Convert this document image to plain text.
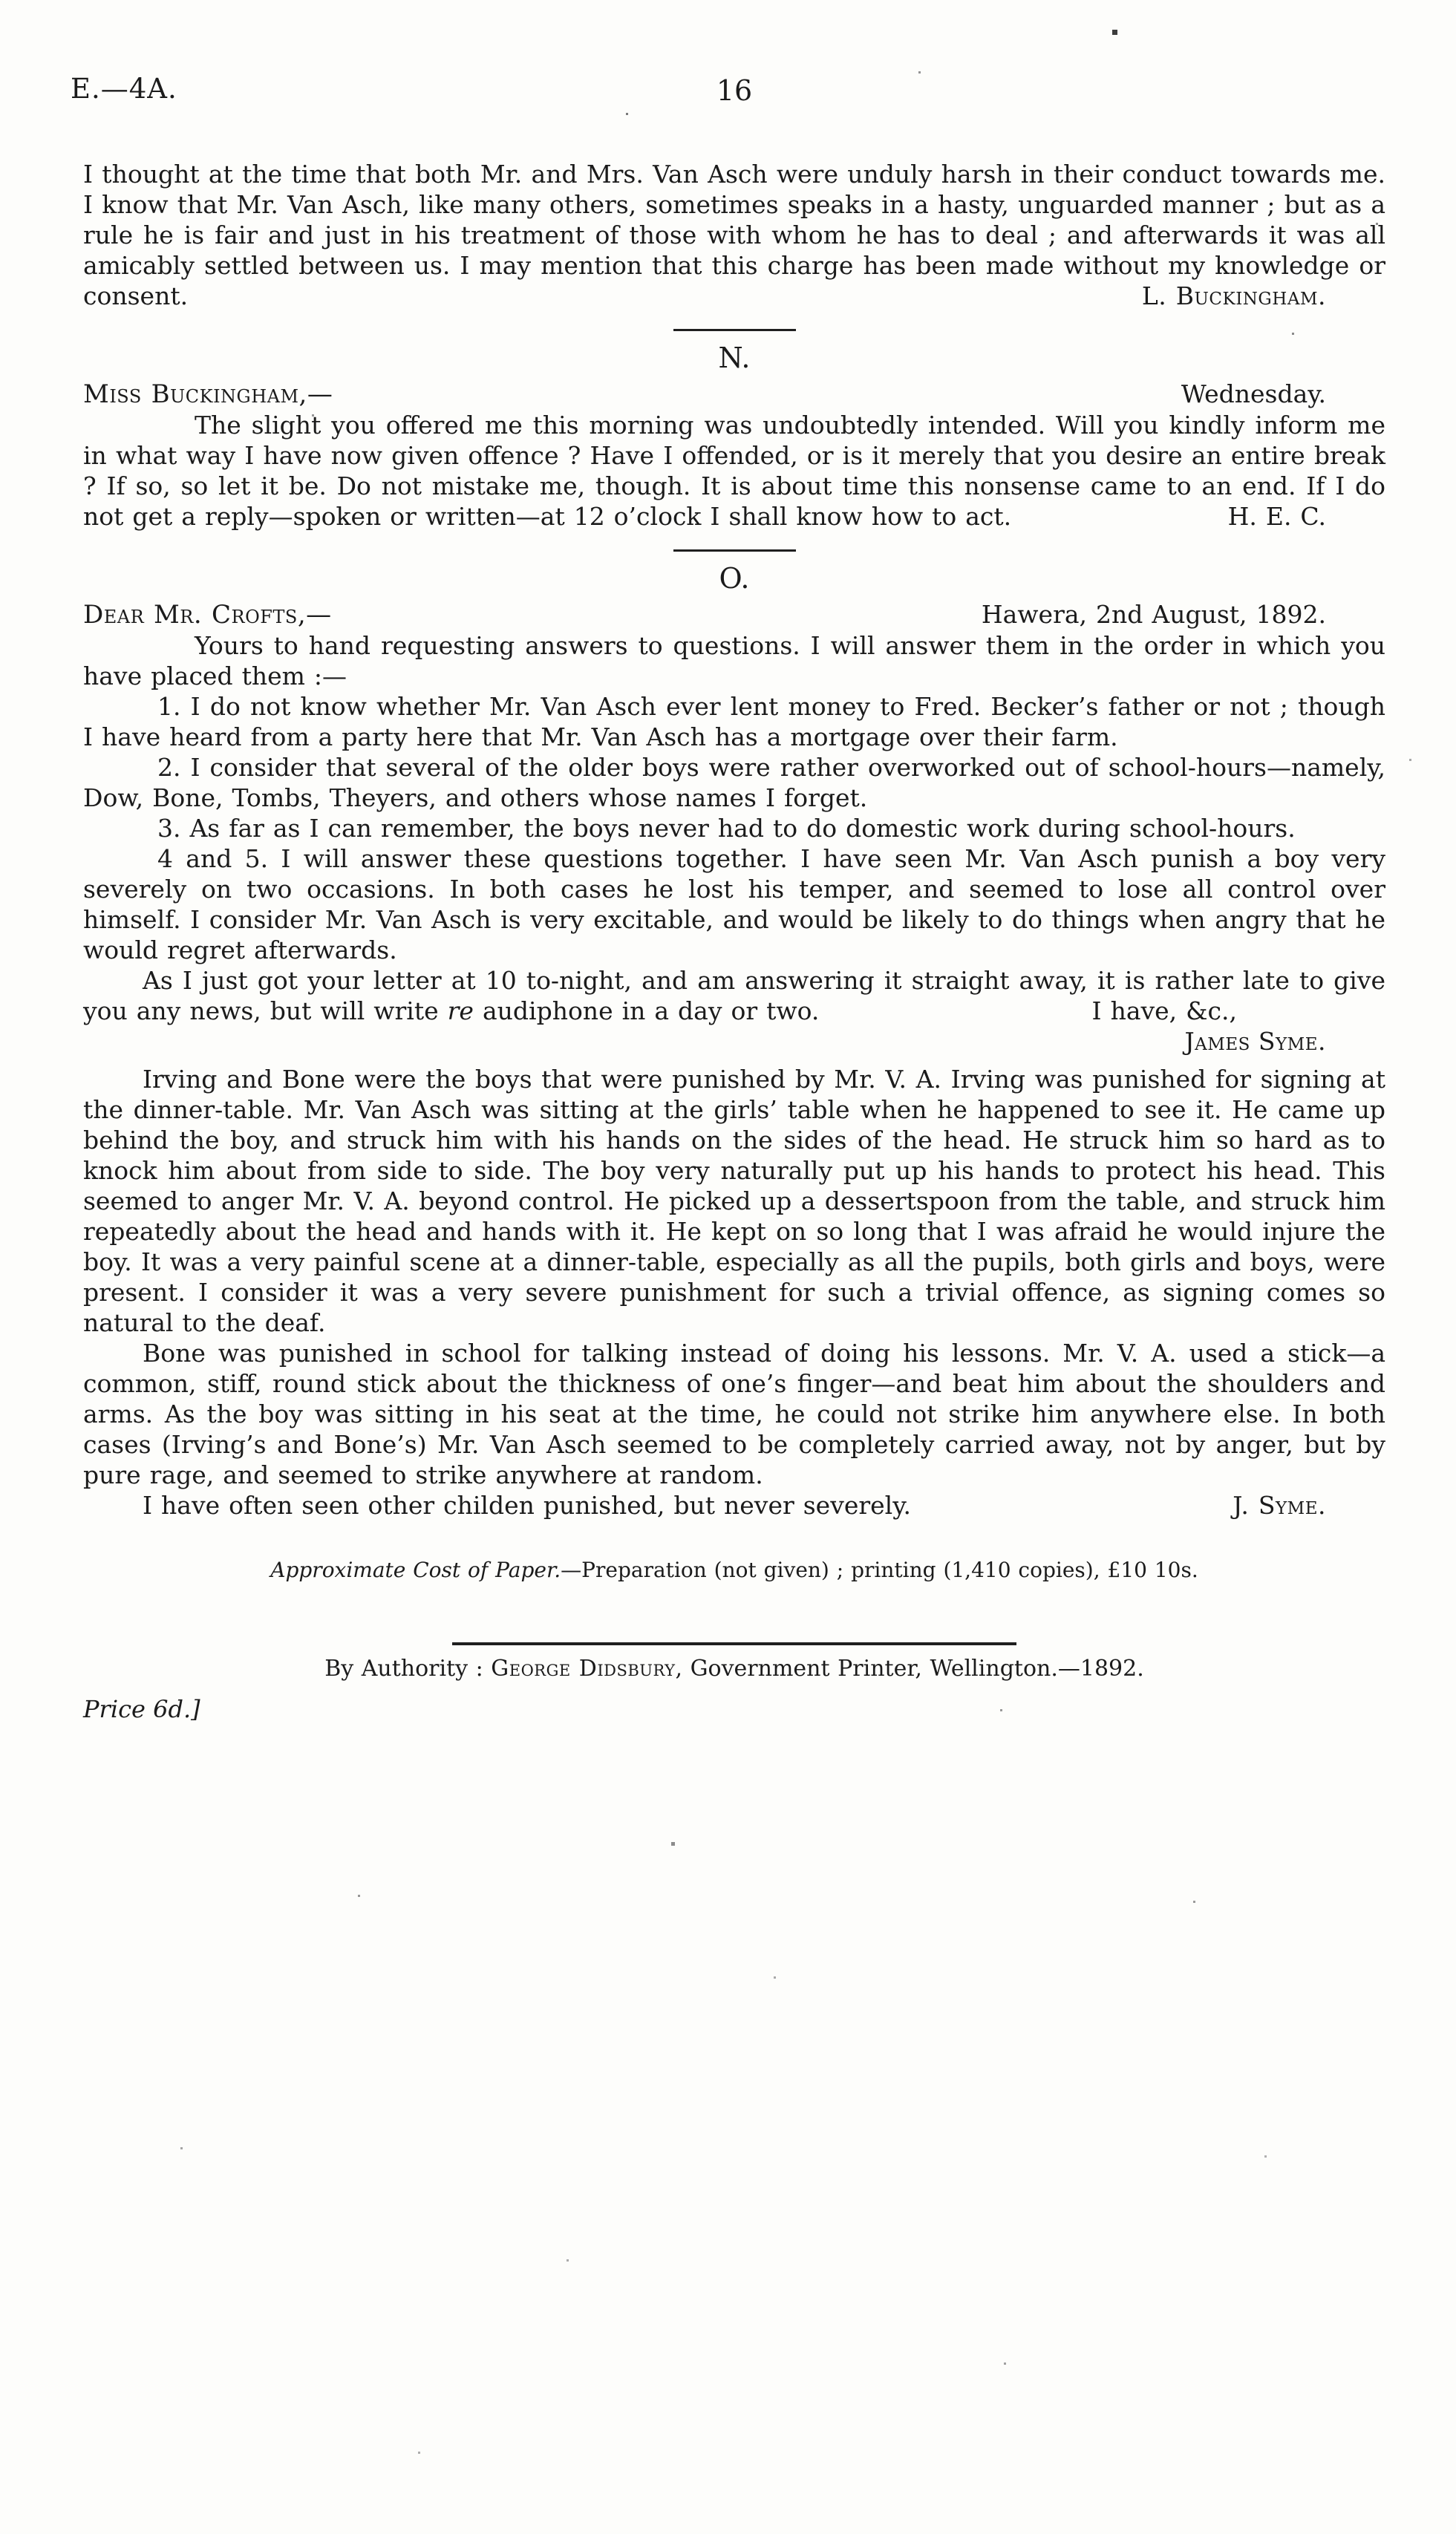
E.—4A.	16

I thought at the time that both Mr. and Mrs. Van Asch were unduly harsh in their conduct towards me. I know that Mr. Van Asch, like many others, sometimes speaks in a hasty, unguarded manner ; but as a rule he is fair and just in his treatment of those with whom he has to deal ; and afterwards it was all amicably settled between us. I may mention that this charge has been made without my knowledge or consent.	L. Buckingham.

N.
Miss Buckingham,—	Wednesday.

The slight you offered me this morning was undoubtedly intended. Will you kindly inform me in what way I have now given offence ? Have I offended, or is it merely that you desire an entire break ? If so, so let it be. Do not mistake me, though. It is about time this nonsense came to an end. If I do not get a reply—spoken or written—at 12 o’clock I shall know how to act.	H. E. C.

O.
Dear Mr. Crofts,—	Hawera, 2nd August, 1892.

Yours to hand requesting answers to questions. I will answer them in the order in which you have placed them :—

1. I do not know whether Mr. Van Asch ever lent money to Fred. Becker’s father or not ; though I have heard from a party here that Mr. Van Asch has a mortgage over their farm.

2. I consider that several of the older boys were rather overworked out of school-hours—namely, Dow, Bone, Tombs, Theyers, and others whose names I forget.

3. As far as I can remember, the boys never had to do domestic work during school-hours.

4 and 5. I will answer these questions together. I have seen Mr. Van Asch punish a boy very severely on two occasions. In both cases he lost his temper, and seemed to lose all control over himself. I consider Mr. Van Asch is very excitable, and would be likely to do things when angry that he would regret afterwards.

As I just got your letter at 10 to-night, and am answering it straight away, it is rather late to give you any news, but will write re audiphone in a day or two.	I have, &c.,

James Syme.

Irving and Bone were the boys that were punished by Mr. V. A. Irving was punished for signing at the dinner-table. Mr. Van Asch was sitting at the girls’ table when he happened to see it. He came up behind the boy, and struck him with his hands on the sides of the head. He struck him so hard as to knock him about from side to side. The boy very naturally put up his hands to protect his head. This seemed to anger Mr. V. A. beyond control. He picked up a dessertspoon from the table, and struck him repeatedly about the head and hands with it. He kept on so long that I was afraid he would injure the boy. It was a very painful scene at a dinner-table, especially as all the pupils, both girls and boys, were present. I consider it was a very severe punishment for such a trivial offence, as signing comes so natural to the deaf.

Bone was punished in school for talking instead of doing his lessons. Mr. V. A. used a stick—a common, stiff, round stick about the thickness of one’s finger—and beat him about the shoulders and arms. As the boy was sitting in his seat at the time, he could not strike him anywhere else. In both cases (Irving’s and Bone’s) Mr. Van Asch seemed to be completely carried away, not by anger, but by pure rage, and seemed to strike anywhere at random.

I have often seen other childen punished, but never severely.	J. Syme.

Approximate Cost of Paper.—Preparation (not given) ; printing (1,410 copies), £10 10s.

By Authority : George Didsbury, Government Printer, Wellington.—1892.

Price 6d.]
